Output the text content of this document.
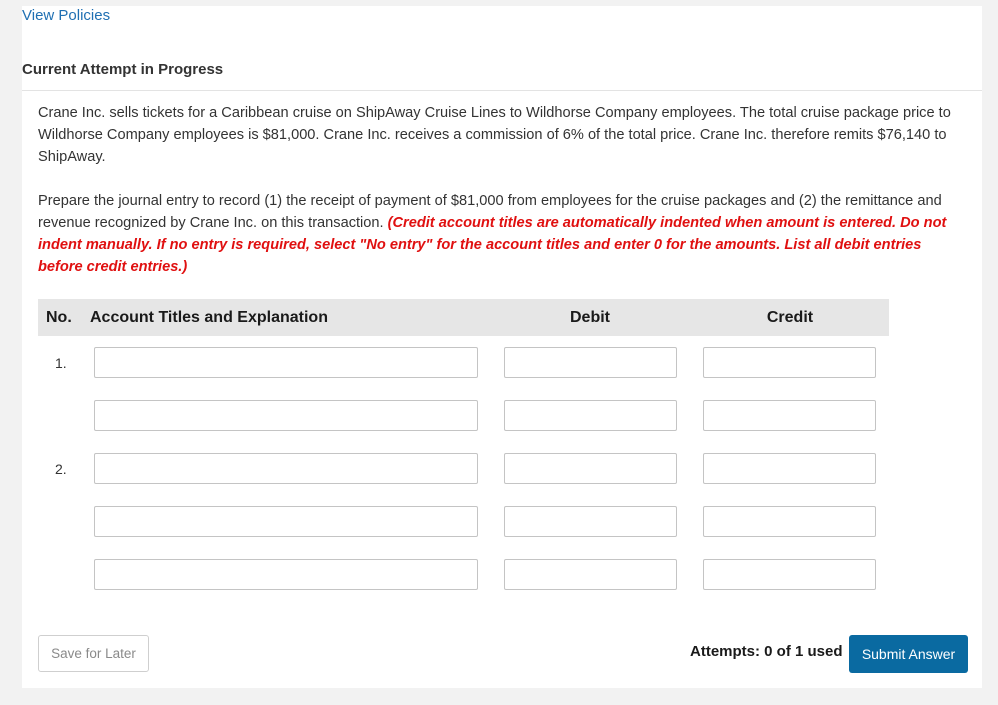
View Policies
Current Attempt in Progress

Crane Inc. sells tickets for a Caribbean cruise on ShipAway Cruise Lines to Wildhorse Company employees. The total cruise package price to Wildhorse Company employees is $81,000. Crane Inc. receives a commission of 6% of the total price. Crane Inc. therefore remits $76,140 to ShipAway.

Prepare the journal entry to record (1) the receipt of payment of $81,000 from employees for the cruise packages and (2) the remittance and revenue recognized by Crane Inc. on this transaction. (Credit account titles are automatically indented when amount is entered. Do not indent manually. If no entry is required, select "No entry" for the account titles and enter 0 for the amounts. List all debit entries before credit entries.)

No. Account Titles and Explanation	Debit	Credit
1.
2.
Save for Later	Attempts: 0 of 1 used	Submit Answer
